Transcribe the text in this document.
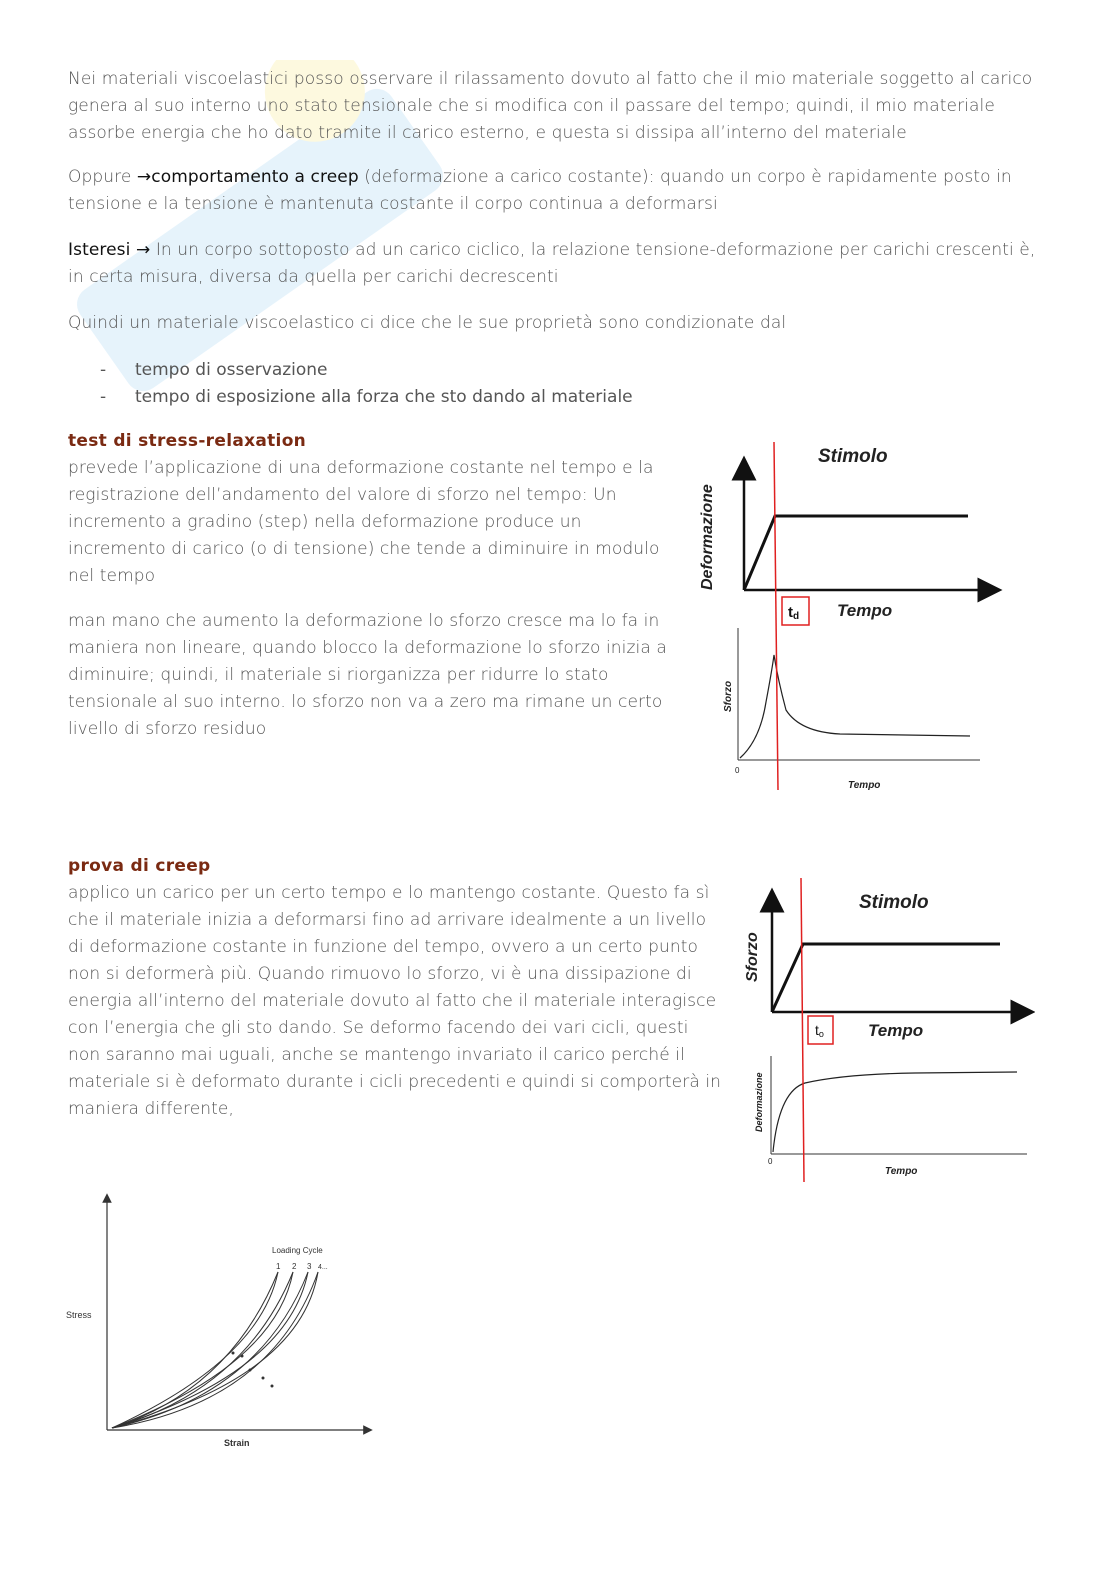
Nei materiali viscoelastici posso osservare il rilassamento dovuto al fatto che il mio materiale soggetto al carico genera al suo interno uno stato tensionale che si modifica con il passare del tempo; quindi, il mio materiale assorbe energia che ho dato tramite il carico esterno, e questa si dissipa all’interno del materiale

Oppure →comportamento a creep (deformazione a carico costante): quando un corpo è rapidamente posto in tensione e la tensione è mantenuta costante il corpo continua a deformarsi

Isteresi → In un corpo sottoposto ad un carico ciclico, la relazione tensione-deformazione per carichi crescenti è, in certa misura, diversa da quella per carichi decrescenti

Quindi un materiale viscoelastico ci dice che le sue proprietà sono condizionate dal

-	tempo di osservazione
-	tempo di esposizione alla forza che sto dando al materiale
test di stress-relaxation

prevede l’applicazione di una deformazione costante nel tempo e la registrazione dell’andamento del valore di sforzo nel tempo: Un incremento a gradino (step) nella deformazione produce un incremento di carico (o di tensione) che tende a diminuire in modulo nel tempo

man mano che aumento la deformazione lo sforzo cresce ma lo fa in maniera non lineare, quando blocco la deformazione lo sforzo inizia a diminuire; quindi, il materiale si riorganizza per ridurre lo stato tensionale al suo interno. lo sforzo non va a zero ma rimane un certo livello di sforzo residuo

prova di creep

applico un carico per un certo tempo e lo mantengo costante. Questo fa sì che il materiale inizia a deformarsi fino ad arrivare idealmente a un livello di deformazione costante in funzione del tempo, ovvero a un certo punto non si deformerà più. Quando rimuovo lo sforzo, vi è una dissipazione di energia all’interno del materiale dovuto al fatto che il materiale interagisce con l’energia che gli sto dando. Se deformo facendo dei vari cicli, questi non saranno mai uguali, anche se mantengo invariato il carico perché il materiale si è deformato durante i cicli precedenti e quindi si comporterà in maniera differente,

Stimolo
Tempo
Deformazione
td
Sforzo
0
Tempo
Stimolo
Tempo
Sforzo
to
Deformazione
0
Tempo
Stress
Strain
Loading Cycle
1 2 3 4...
